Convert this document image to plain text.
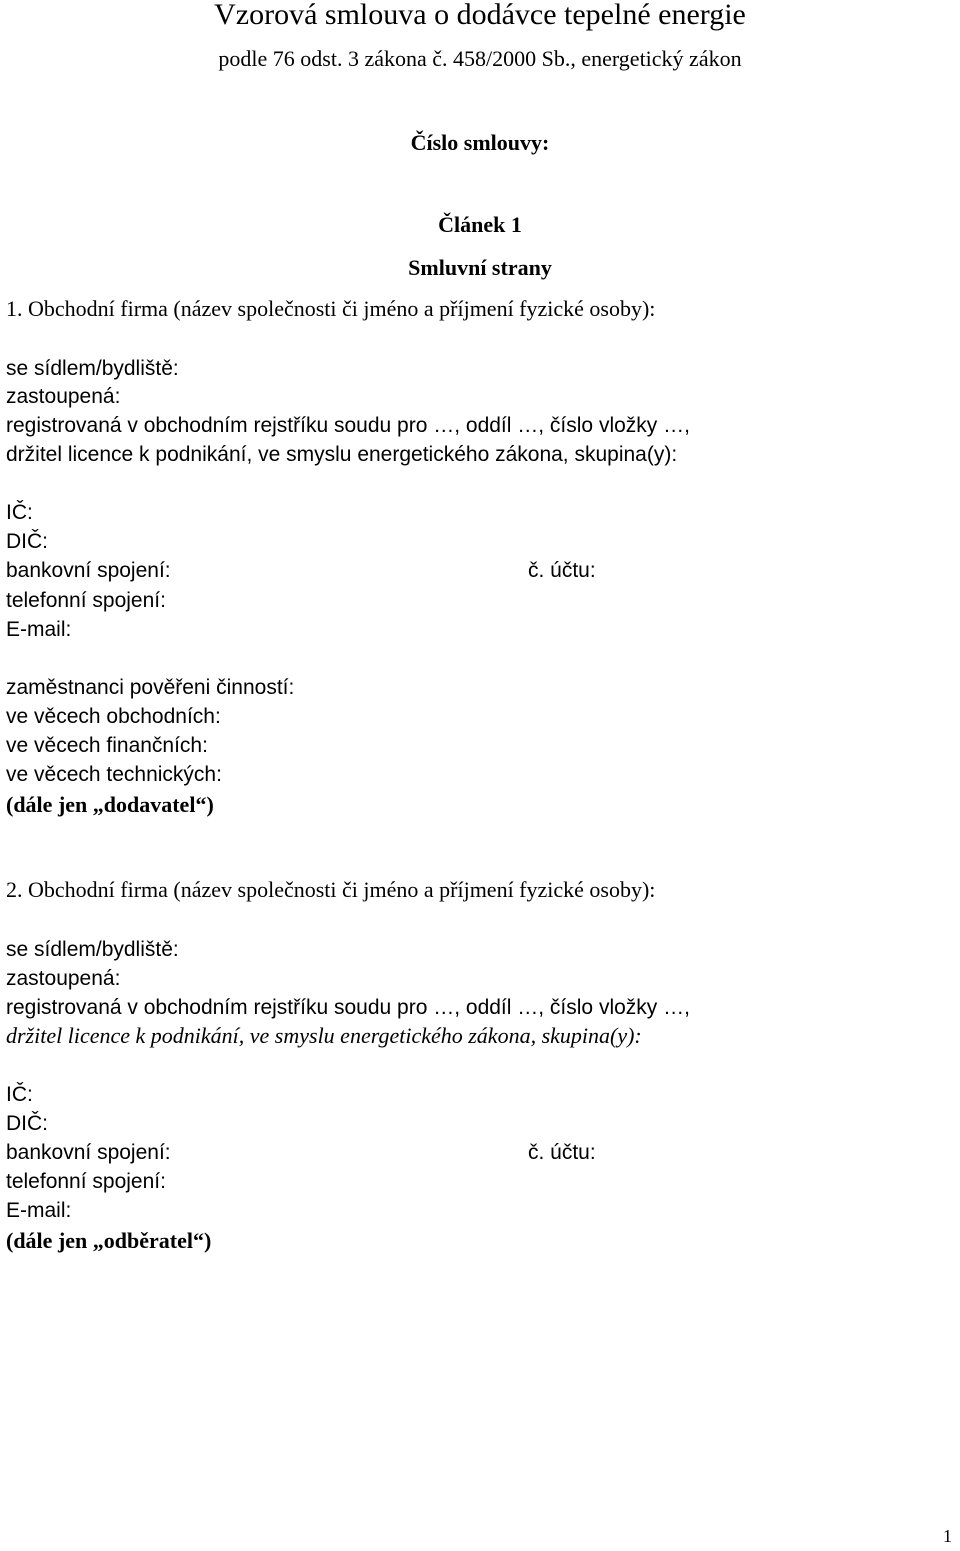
Vzorová smlouva o dodávce tepelné energie
podle 76 odst. 3 zákona č. 458/2000 Sb., energetický zákon
Číslo smlouvy:
Článek 1
Smluvní strany
1. Obchodní firma (název společnosti či jméno a příjmení fyzické osoby):
se sídlem/bydliště:
zastoupená:
registrovaná v obchodním rejstříku soudu pro …, oddíl …, číslo vložky …,
držitel licence k podnikání, ve smyslu energetického zákona, skupina(y):
IČ:
DIČ:
bankovní spojení:	č. účtu:
telefonní spojení:
E-mail:
zaměstnanci pověřeni činností:
ve věcech obchodních:
ve věcech finančních:
ve věcech technických:
(dále jen „dodavatel“)
2. Obchodní firma (název společnosti či jméno a příjmení fyzické osoby):
se sídlem/bydliště:
zastoupená:
registrovaná v obchodním rejstříku soudu pro …, oddíl …, číslo vložky …,
držitel licence k podnikání, ve smyslu energetického zákona, skupina(y):
IČ:
DIČ:
bankovní spojení:	č. účtu:
telefonní spojení:
E-mail:
(dále jen „odběratel“)
1
